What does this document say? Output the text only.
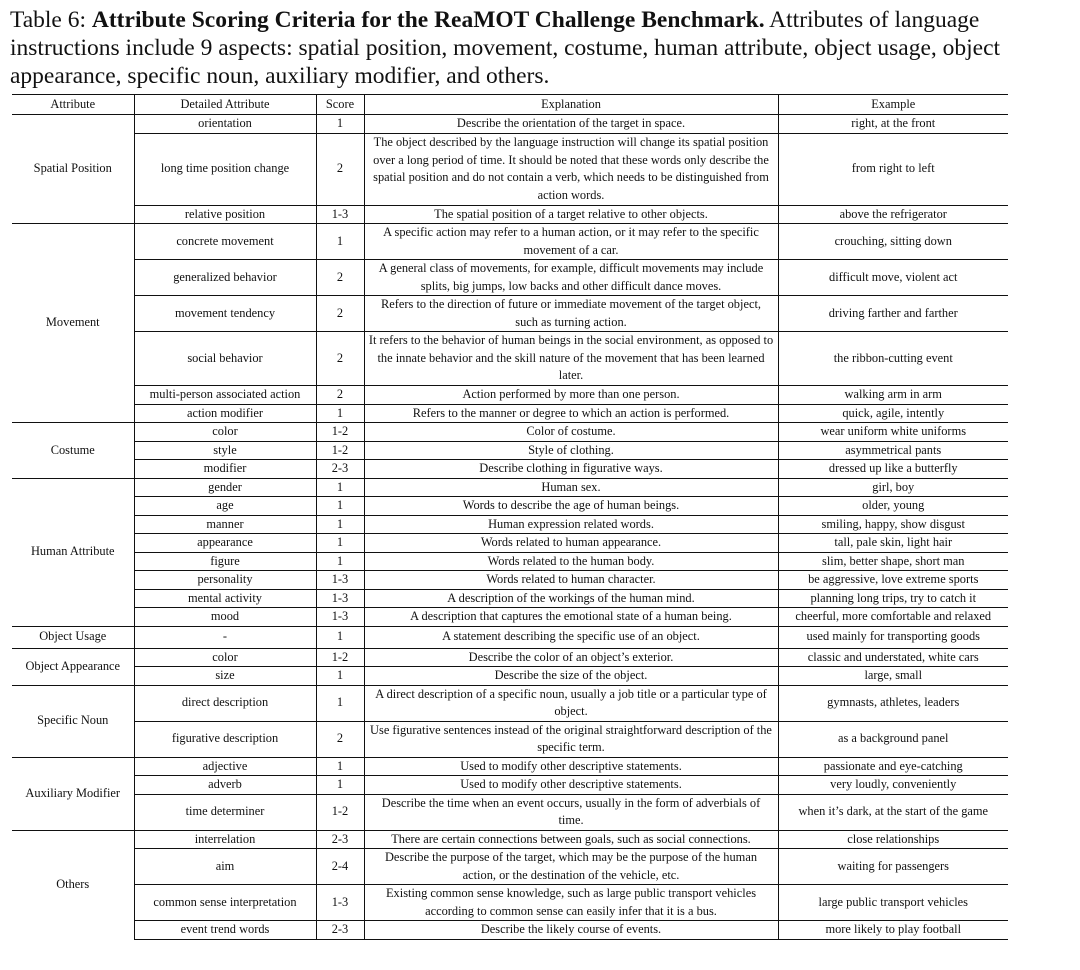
Table 6: Attribute Scoring Criteria for the ReaMOT Challenge Benchmark. Attributes of language instructions include 9 aspects: spatial position, movement, costume, human attribute, object usage, object appearance, specific noun, auxiliary modifier, and others.
Attribute	Detailed Attribute	Score	Explanation	Example
Spatial Position	orientation	1	Describe the orientation of the target in space.	right, at the front
	long time position change	2	The object described by the language instruction will change its spatial position over a long period of time. It should be noted that these words only describe the spatial position and do not contain a verb, which needs to be distinguished from action words.	from right to left
	relative position	1-3	The spatial position of a target relative to other objects.	above the refrigerator
Movement	concrete movement	1	A specific action may refer to a human action, or it may refer to the specific movement of a car.	crouching, sitting down
	generalized behavior	2	A general class of movements, for example, difficult movements may include splits, big jumps, low backs and other difficult dance moves.	difficult move, violent act
	movement tendency	2	Refers to the direction of future or immediate movement of the target object, such as turning action.	driving farther and farther
	social behavior	2	It refers to the behavior of human beings in the social environment, as opposed to the innate behavior and the skill nature of the movement that has been learned later.	the ribbon-cutting event
	multi-person associated action	2	Action performed by more than one person.	walking arm in arm
	action modifier	1	Refers to the manner or degree to which an action is performed.	quick, agile, intently
Costume	color	1-2	Color of costume.	wear uniform white uniforms
	style	1-2	Style of clothing.	asymmetrical pants
	modifier	2-3	Describe clothing in figurative ways.	dressed up like a butterfly
Human Attribute	gender	1	Human sex.	girl, boy
	age	1	Words to describe the age of human beings.	older, young
	manner	1	Human expression related words.	smiling, happy, show disgust
	appearance	1	Words related to human appearance.	tall, pale skin, light hair
	figure	1	Words related to the human body.	slim, better shape, short man
	personality	1-3	Words related to human character.	be aggressive, love extreme sports
	mental activity	1-3	A description of the workings of the human mind.	planning long trips, try to catch it
	mood	1-3	A description that captures the emotional state of a human being.	cheerful, more comfortable and relaxed
Object Usage	-	1	A statement describing the specific use of an object.	used mainly for transporting goods
Object Appearance	color	1-2	Describe the color of an object’s exterior.	classic and understated, white cars
	size	1	Describe the size of the object.	large, small
Specific Noun	direct description	1	A direct description of a specific noun, usually a job title or a particular type of object.	gymnasts, athletes, leaders
	figurative description	2	Use figurative sentences instead of the original straightforward description of the specific term.	as a background panel
Auxiliary Modifier	adjective	1	Used to modify other descriptive statements.	passionate and eye-catching
	adverb	1	Used to modify other descriptive statements.	very loudly, conveniently
	time determiner	1-2	Describe the time when an event occurs, usually in the form of adverbials of time.	when it’s dark, at the start of the game
Others	interrelation	2-3	There are certain connections between goals, such as social connections.	close relationships
	aim	2-4	Describe the purpose of the target, which may be the purpose of the human action, or the destination of the vehicle, etc.	waiting for passengers
	common sense interpretation	1-3	Existing common sense knowledge, such as large public transport vehicles according to common sense can easily infer that it is a bus.	large public transport vehicles
	event trend words	2-3	Describe the likely course of events.	more likely to play football
